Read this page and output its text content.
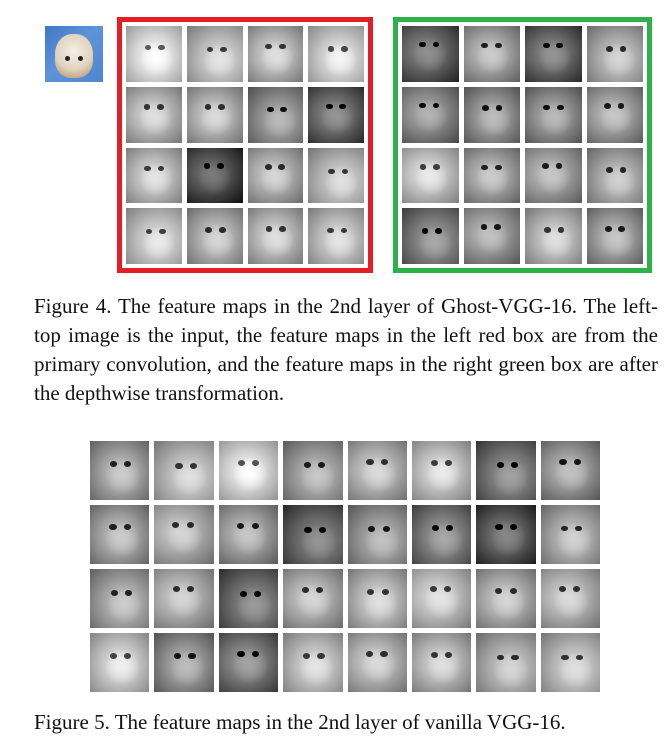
Figure 4. The feature maps in the 2nd layer of Ghost-VGG-16. The left-top image is the input, the feature maps in the left red box are from the primary convolution, and the feature maps in the right green box are after the depthwise transformation.

Figure 5. The feature maps in the 2nd layer of vanilla VGG-16.
